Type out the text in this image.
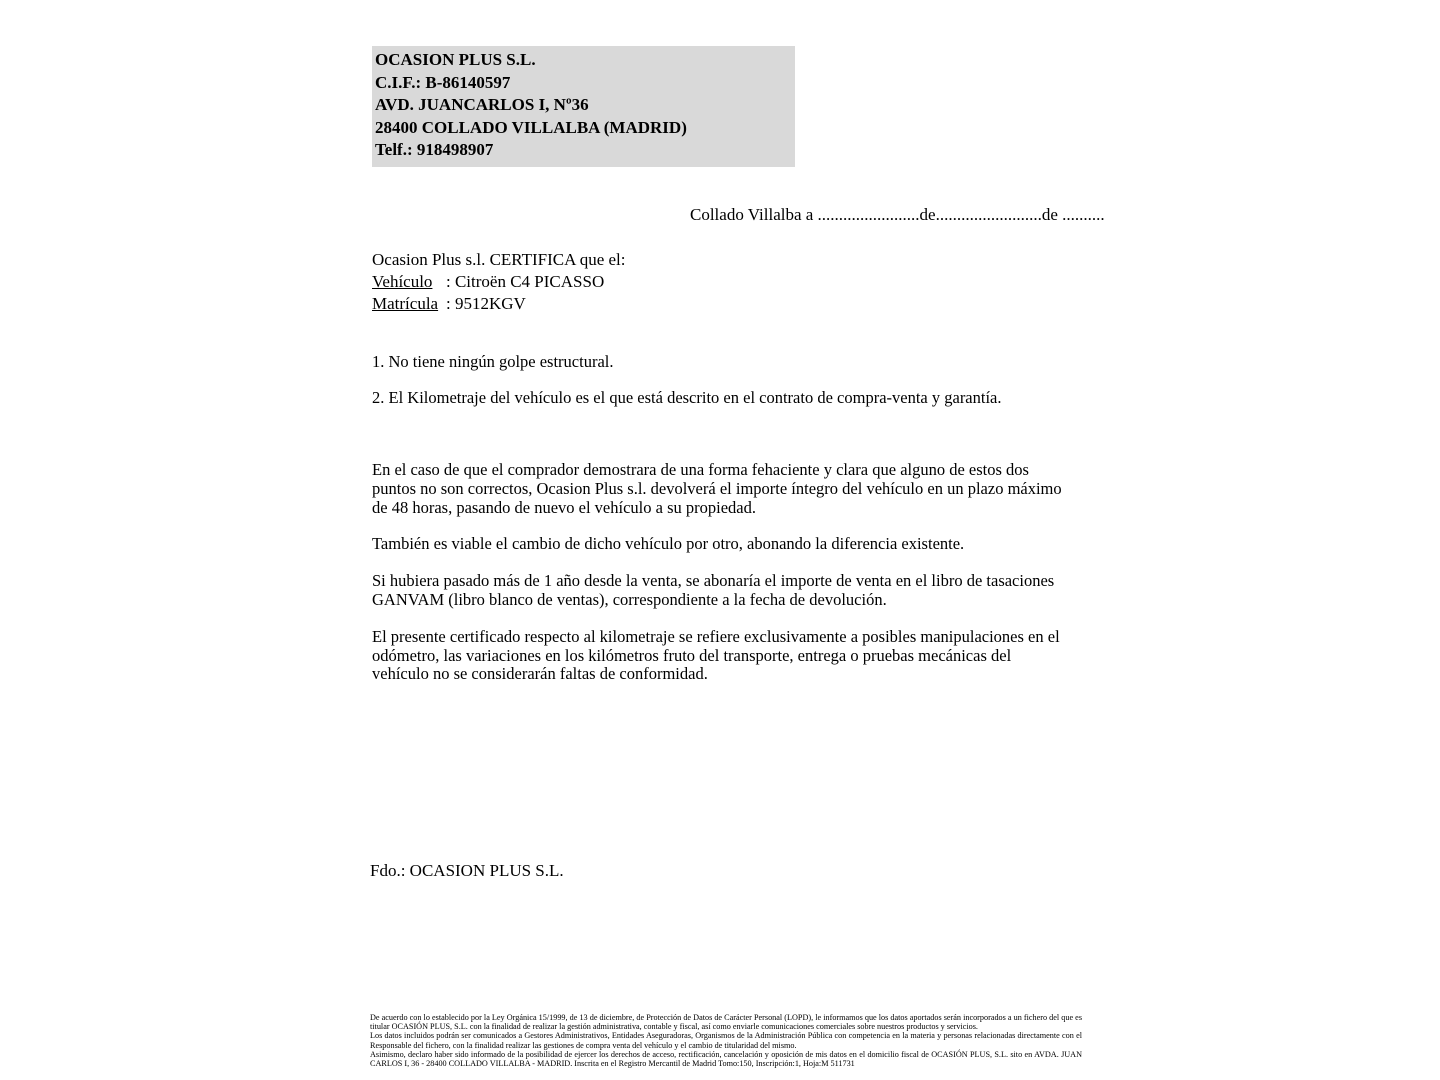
OCASION PLUS S.L.
C.I.F.: B-86140597
AVD. JUANCARLOS I, Nº36
28400 COLLADO VILLALBA (MADRID)
Telf.: 918498907
Collado Villalba a ........................de.........................de ..........
Ocasion Plus s.l. CERTIFICA que el:
Vehículo : Citroën C4 PICASSO
Matrícula : 9512KGV
1. No tiene ningún golpe estructural.
2. El Kilometraje del vehículo es el que está descrito en el contrato de compra-venta y garantía.

En el caso de que el comprador demostrara de una forma fehaciente y clara que alguno de estos dos puntos no son correctos, Ocasion Plus s.l. devolverá el importe íntegro del vehículo en un plazo máximo de 48 horas, pasando de nuevo el vehículo a su propiedad.

También es viable el cambio de dicho vehículo por otro, abonando la diferencia existente.

Si hubiera pasado más de 1 año desde la venta, se abonaría el importe de venta en el libro de tasaciones GANVAM (libro blanco de ventas), correspondiente a la fecha de devolución.

El presente certificado respecto al kilometraje se refiere exclusivamente a posibles manipulaciones en el odómetro, las variaciones en los kilómetros fruto del transporte, entrega o pruebas mecánicas del vehículo no se considerarán faltas de conformidad.

Fdo.: OCASION PLUS S.L.
De acuerdo con lo establecido por la Ley Orgánica 15/1999, de 13 de diciembre, de Protección de Datos de Carácter Personal (LOPD), le informamos que los datos aportados serán incorporados a un fichero del que es titular OCASIÓN PLUS, S.L. con la finalidad de realizar la gestión administrativa, contable y fiscal, así como enviarle comunicaciones comerciales sobre nuestros productos y servicios.
Los datos incluidos podrán ser comunicados a Gestores Administrativos, Entidades Aseguradoras, Organismos de la Administración Pública con competencia en la materia y personas relacionadas directamente con el Responsable del fichero, con la finalidad realizar las gestiones de compra venta del vehículo y el cambio de titularidad del mismo.
Asimismo, declaro haber sido informado de la posibilidad de ejercer los derechos de acceso, rectificación, cancelación y oposición de mis datos en el domicilio fiscal de OCASIÓN PLUS, S.L. sito en AVDA. JUAN CARLOS I, 36 - 28400 COLLADO VILLALBA - MADRID. Inscrita en el Registro Mercantil de Madrid Tomo:150, Inscripción:1, Hoja:M 511731
